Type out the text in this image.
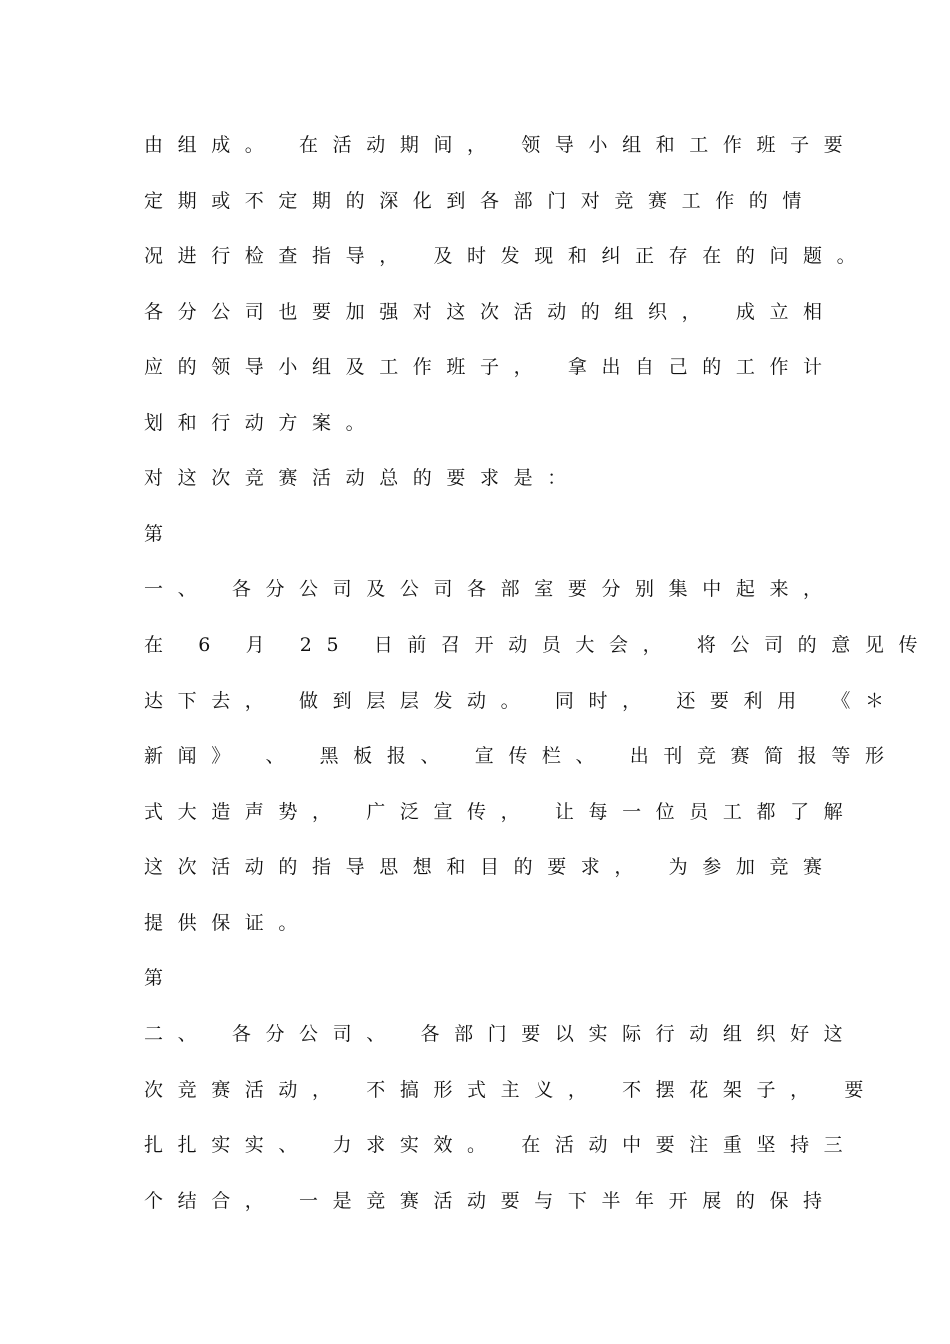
由组成。 在活动期间， 领导小组和工作班子要
定期或不定期的深化到各部门对竞赛工作的情
况进行检查指导， 及时发现和纠正存在的问题。
各分公司也要加强对这次活动的组织， 成立相
应的领导小组及工作班子， 拿出自己的工作计
划和行动方案。
对这次竞赛活动总的要求是：
第
一、 各分公司及公司各部室要分别集中起来，
在 6 月 25 日前召开动员大会， 将公司的意见传
达下去， 做到层层发动。 同时， 还要利用 《＊
新闻》 、 黑板报、 宣传栏、 出刊竞赛简报等形
式大造声势， 广泛宣传， 让每一位员工都了解
这次活动的指导思想和目的要求， 为参加竞赛
提供保证。
第
二、 各分公司、 各部门要以实际行动组织好这
次竞赛活动， 不搞形式主义， 不摆花架子， 要
扎扎实实、 力求实效。 在活动中要注重坚持三
个结合， 一是竞赛活动要与下半年开展的保持
